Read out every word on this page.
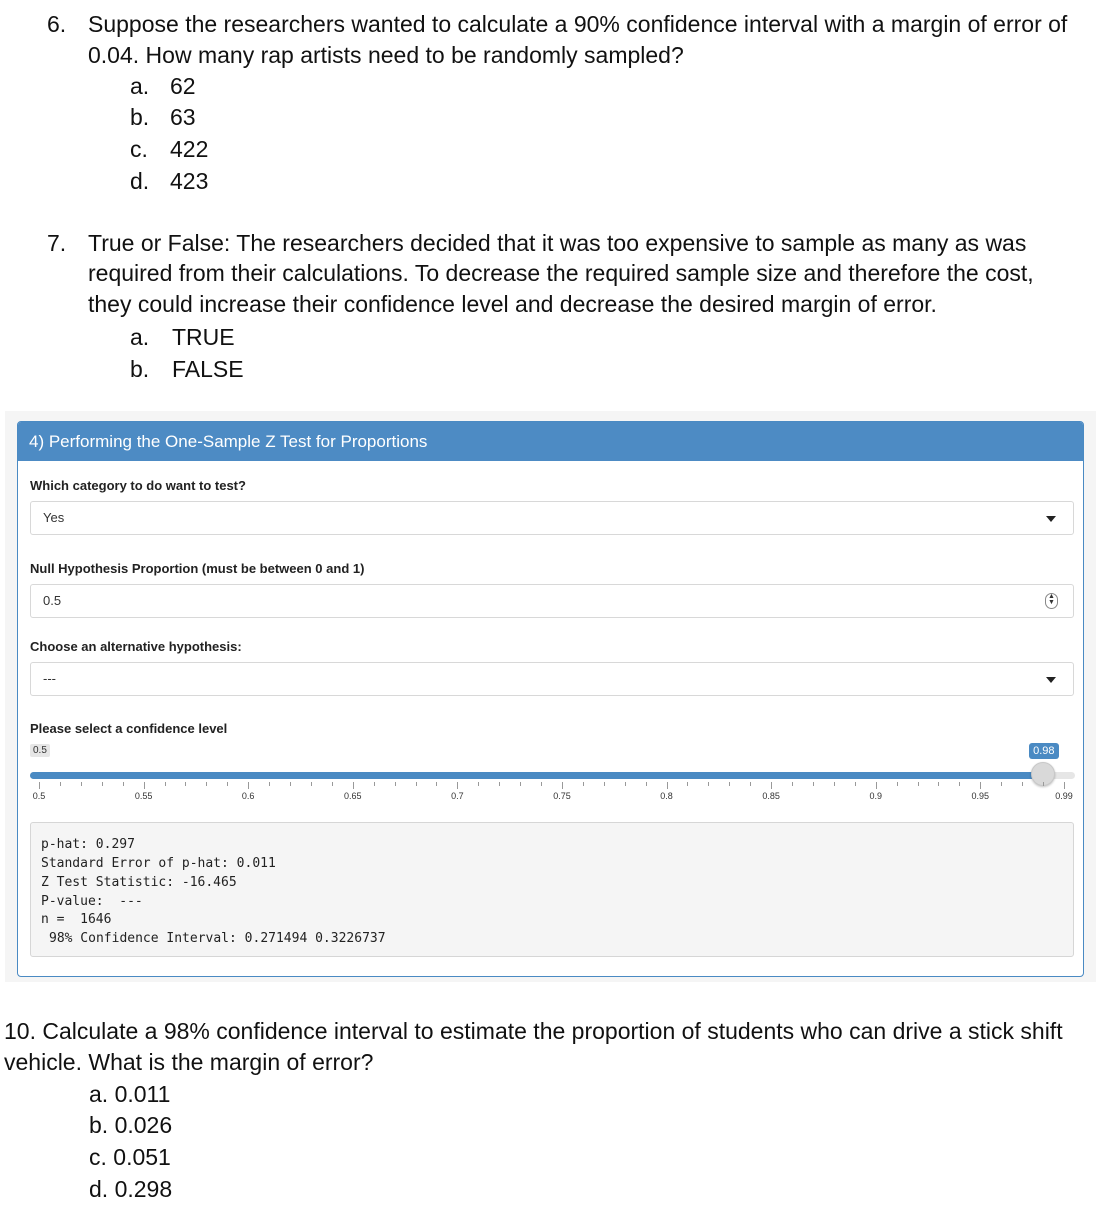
6. Suppose the researchers wanted to calculate a 90% confidence interval with a margin of error of
0.04. How many rap artists need to be randomly sampled?
a. 62
b. 63
c. 422
d. 423
7. True or False: The researchers decided that it was too expensive to sample as many as was
required from their calculations. To decrease the required sample size and therefore the cost,
they could increase their confidence level and decrease the desired margin of error.
a. TRUE
b. FALSE
4) Performing the One-Sample Z Test for Proportions
Which category to do want to test?
Yes
Null Hypothesis Proportion (must be between 0 and 1)
0.5	▲
▼
Choose an alternative hypothesis:
---
Please select a confidence level
0.5	0.98
0.5	0.55	0.6	0.65	0.7	0.75	0.8	0.85	0.9	0.95	0.99
p-hat: 0.297
Standard Error of p-hat: 0.011
Z Test Statistic: -16.465
P-value:  ---
n =  1646
98% Confidence Interval: 0.271494 0.3226737
10. Calculate a 98% confidence interval to estimate the proportion of students who can drive a stick shift
vehicle. What is the margin of error?
a. 0.011
b. 0.026
c. 0.051
d. 0.298
